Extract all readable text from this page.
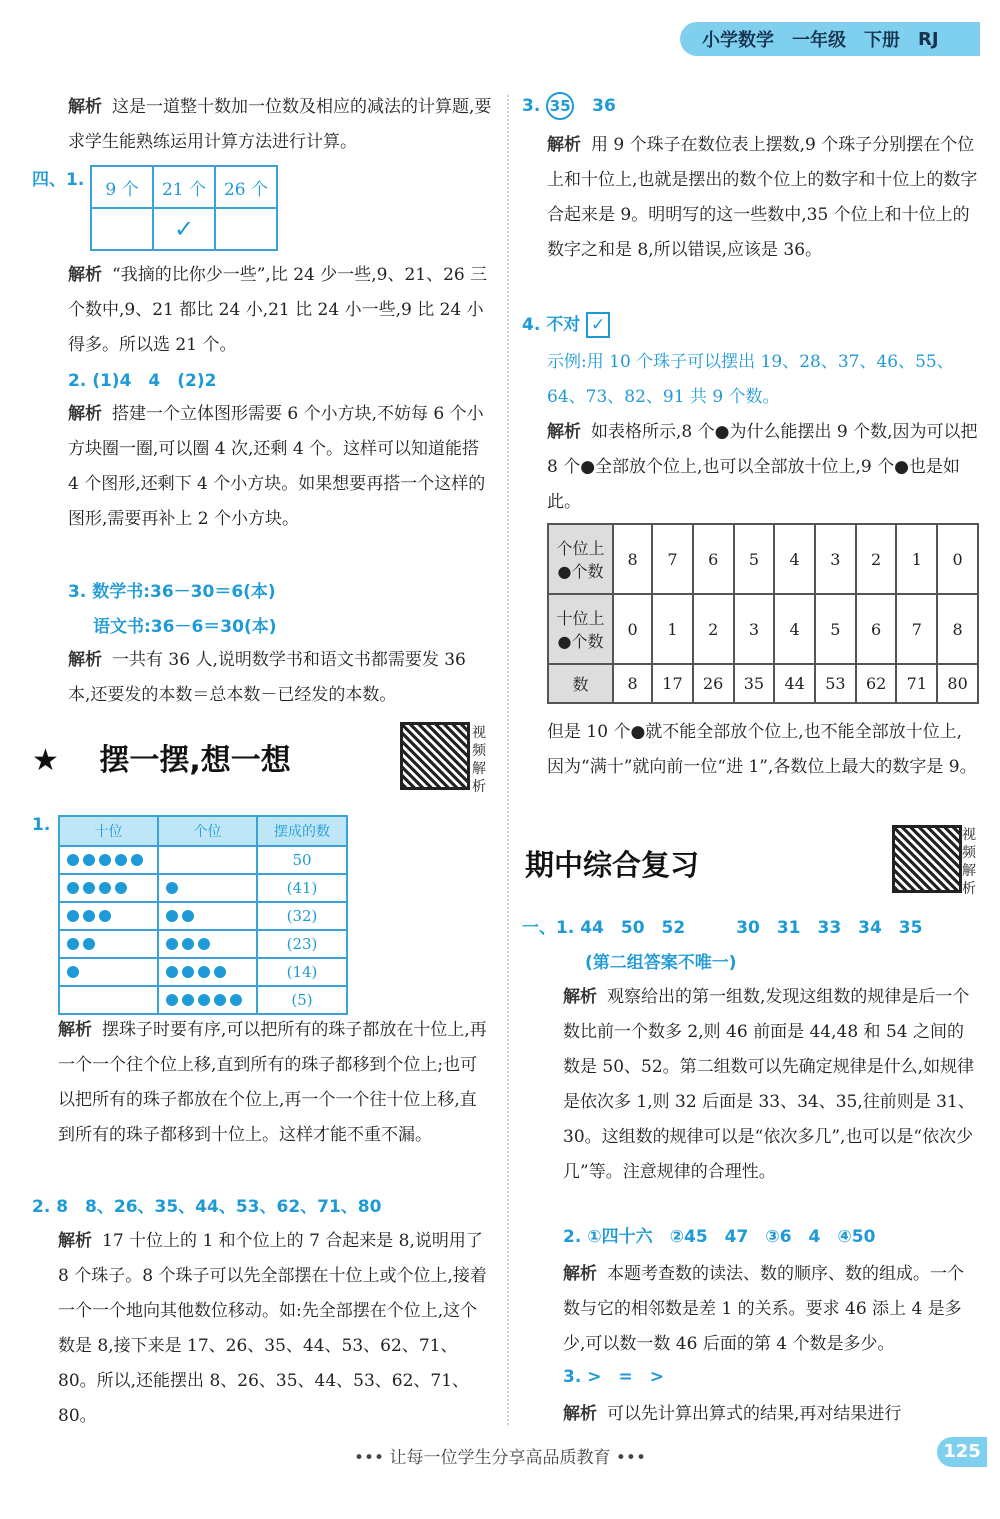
小学数学 一年级 下册 RJ

解析 这是一道整十数加一位数及相应的减法的计算题,要求学生能熟练运用计算方法进行计算。

四、1. 9 个	21 个	26 个
	✓	

解析 “我摘的比你少一些”,比 24 少一些,9、21、26 三个数中,9、21 都比 24 小,21 比 24 小一些,9 比 24 小得多。所以选 21 个。

2. (1)4　4　(2)2

解析 搭建一个立体图形需要 6 个小方块,不妨每 6 个小方块圈一圈,可以圈 4 次,还剩 4 个。这样可以知道能搭 4 个图形,还剩下 4 个小方块。如果想要再搭一个这样的图形,需要再补上 2 个小方块。

3. 数学书:36－30＝6(本)
语文书:36－6＝30(本)

解析 一共有 36 人,说明数学书和语文书都需要发 36 本,还要发的本数＝总本数－已经发的本数。

★ 摆一摆,想一想
视频解析
1.	十位	个位	摆成的数

	50

	(41)

	(32)

	(23)

	(14)

	(5)

解析 摆珠子时要有序,可以把所有的珠子都放在十位上,再一个一个往个位上移,直到所有的珠子都移到个位上;也可以把所有的珠子都放在个位上,再一个一个往十位上移,直到所有的珠子都移到十位上。这样才能不重不漏。

2. 8　8、26、35、44、53、62、71、80

解析 17 十位上的 1 和个位上的 7 合起来是 8,说明用了 8 个珠子。8 个珠子可以先全部摆在十位上或个位上,接着一个一个地向其他数位移动。如:先全部摆在个位上,这个数是 8,接下来是 17、26、35、44、53、62、71、80。所以,还能摆出 8、26、35、44、53、62、71、80。

3. 35 36

解析 用 9 个珠子在数位表上摆数,9 个珠子分别摆在个位上和十位上,也就是摆出的数个位上的数字和十位上的数字合起来是 9。明明写的这一些数中,35 个位上和十位上的数字之和是 8,所以错误,应该是 36。

4. 不对 ✓
示例:用 10 个珠子可以摆出 19、28、37、46、55、64、73、82、91 共 9 个数。

解析 如表格所示,8 个●为什么能摆出 9 个数,因为可以把 8 个●全部放个位上,也可以全部放十位上,9 个●也是如此。

个位上●个数	8	7	6	5	4	3	2	1	0
十位上●个数	0	1	2	3	4	5	6	7	8
数	8	17	26	35	44	53	62	71	80

但是 10 个●就不能全部放个位上,也不能全部放十位上,因为“满十”就向前一位“进 1”,各数位上最大的数字是 9。

期中综合复习
视频解析
一、1. 44　50　52　　　30　31　33　34　35
(第二组答案不唯一)

解析 观察给出的第一组数,发现这组数的规律是后一个数比前一个数多 2,则 46 前面是 44,48 和 54 之间的数是 50、52。第二组数可以先确定规律是什么,如规律是依次多 1,则 32 后面是 33、34、35,往前则是 31、30。这组数的规律可以是“依次多几”,也可以是“依次少几”等。注意规律的合理性。

2. ①四十六　②45　47　③6　4　④50

解析 本题考查数的读法、数的顺序、数的组成。一个数与它的相邻数是差 1 的关系。要求 46 添上 4 是多少,可以数一数 46 后面的第 4 个数是多少。

3. >　=　>

解析 可以先计算出算式的结果,再对结果进行

••• 让每一位学生分享高品质教育 •••	125
